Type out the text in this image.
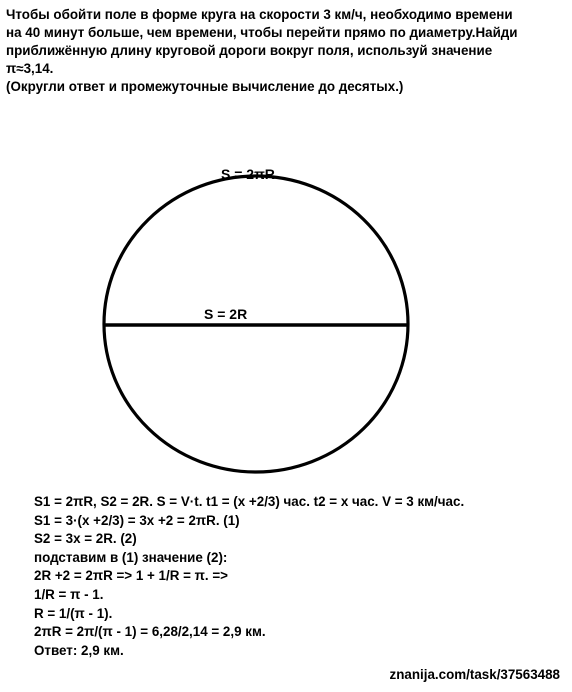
Чтобы обойти поле в форме круга на скорости 3 км/ч, необходимо времени
на 40 минут больше, чем времени, чтобы перейти прямо по диаметру.Найди
приближённую длину круговой дороги вокруг поля, используй значение
π≈3,14.
(Округли ответ и промежуточные вычисление до десятых.)
S = 2πR
S = 2R
S1 = 2πR, S2 = 2R. S = V·t. t1 = (x +2/3) час. t2 = x час. V = 3 км/час.
S1 = 3·(x +2/3) = 3x +2 = 2πR. (1)
S2 = 3x = 2R. (2)
подставим в (1) значение (2):
2R +2 = 2πR => 1 + 1/R = π. =>
1/R = π - 1.
R = 1/(π - 1).
2πR = 2π/(π - 1) = 6,28/2,14 = 2,9 км.
Ответ: 2,9 км.
znanija.com/task/37563488
